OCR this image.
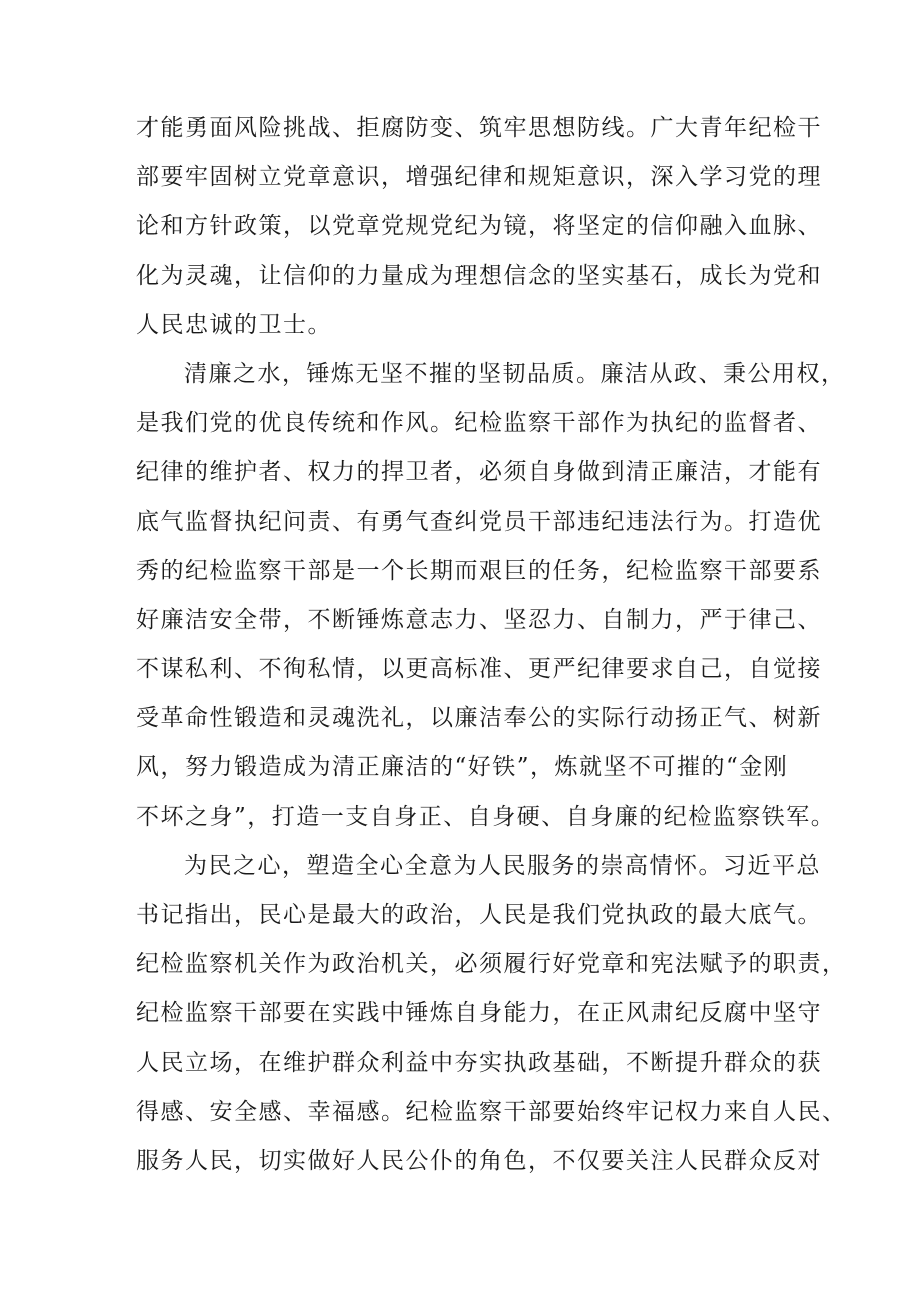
才能勇面风险挑战、拒腐防变、筑牢思想防线。广大青年纪检干
部要牢固树立党章意识，增强纪律和规矩意识，深入学习党的理
论和方针政策，以党章党规党纪为镜，将坚定的信仰融入血脉、
化为灵魂，让信仰的力量成为理想信念的坚实基石，成长为党和
人民忠诚的卫士。
清廉之水，锤炼无坚不摧的坚韧品质。廉洁从政、秉公用权，
是我们党的优良传统和作风。纪检监察干部作为执纪的监督者、
纪律的维护者、权力的捍卫者，必须自身做到清正廉洁，才能有
底气监督执纪问责、有勇气查纠党员干部违纪违法行为。打造优
秀的纪检监察干部是一个长期而艰巨的任务，纪检监察干部要系
好廉洁安全带，不断锤炼意志力、坚忍力、自制力，严于律己、
不谋私利、不徇私情，以更高标准、更严纪律要求自己，自觉接
受革命性锻造和灵魂洗礼，以廉洁奉公的实际行动扬正气、树新
风，努力锻造成为清正廉洁的“好铁”，炼就坚不可摧的“金刚
不坏之身”，打造一支自身正、自身硬、自身廉的纪检监察铁军。
为民之心，塑造全心全意为人民服务的崇高情怀。习近平总
书记指出，民心是最大的政治，人民是我们党执政的最大底气。
纪检监察机关作为政治机关，必须履行好党章和宪法赋予的职责，
纪检监察干部要在实践中锤炼自身能力，在正风肃纪反腐中坚守
人民立场，在维护群众利益中夯实执政基础，不断提升群众的获
得感、安全感、幸福感。纪检监察干部要始终牢记权力来自人民、
服务人民，切实做好人民公仆的角色，不仅要关注人民群众反对
